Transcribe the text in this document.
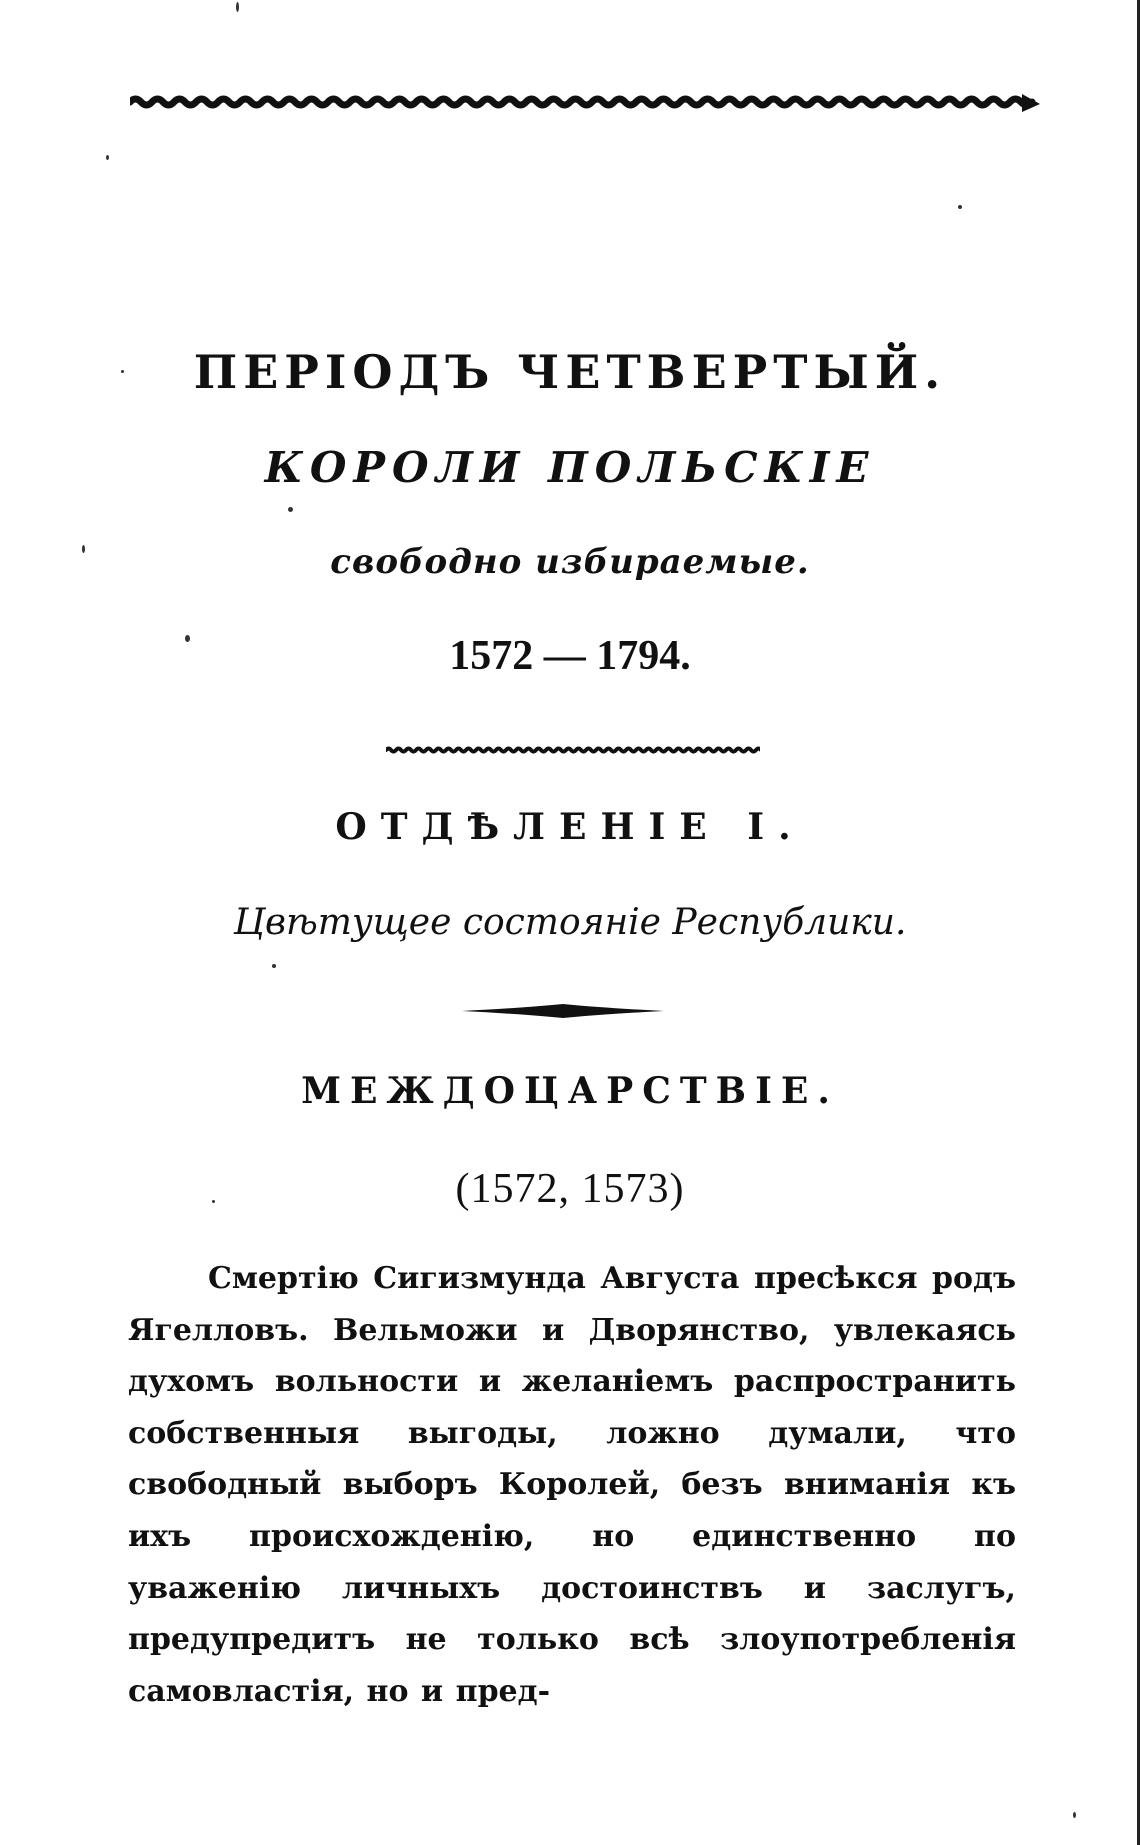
ПЕРІОДЪ ЧЕТВЕРТЫЙ.
КОРОЛИ ПОЛЬСКІЕ
свободно избираемые.
1572 — 1794.
ОТДѢЛЕНІЕ I.
Цвѣтущее состояніе Республики.
МЕЖДОЦАРСТВІЕ.
(1572, 1573)

Смертію Сигизмунда Августа пресѣкся родъ Ягелловъ. Вельможи и Дворянство, увлекаясь духомъ вольности и желаніемъ распространить собственныя выгоды, ложно думали, что свободный выборъ Королей, безъ вниманія къ ихъ происхожденію, но единственно по уваженію личныхъ достоинствъ и заслугъ, предупредитъ не только всѣ злоупотребленія самовластія, но и пред-
